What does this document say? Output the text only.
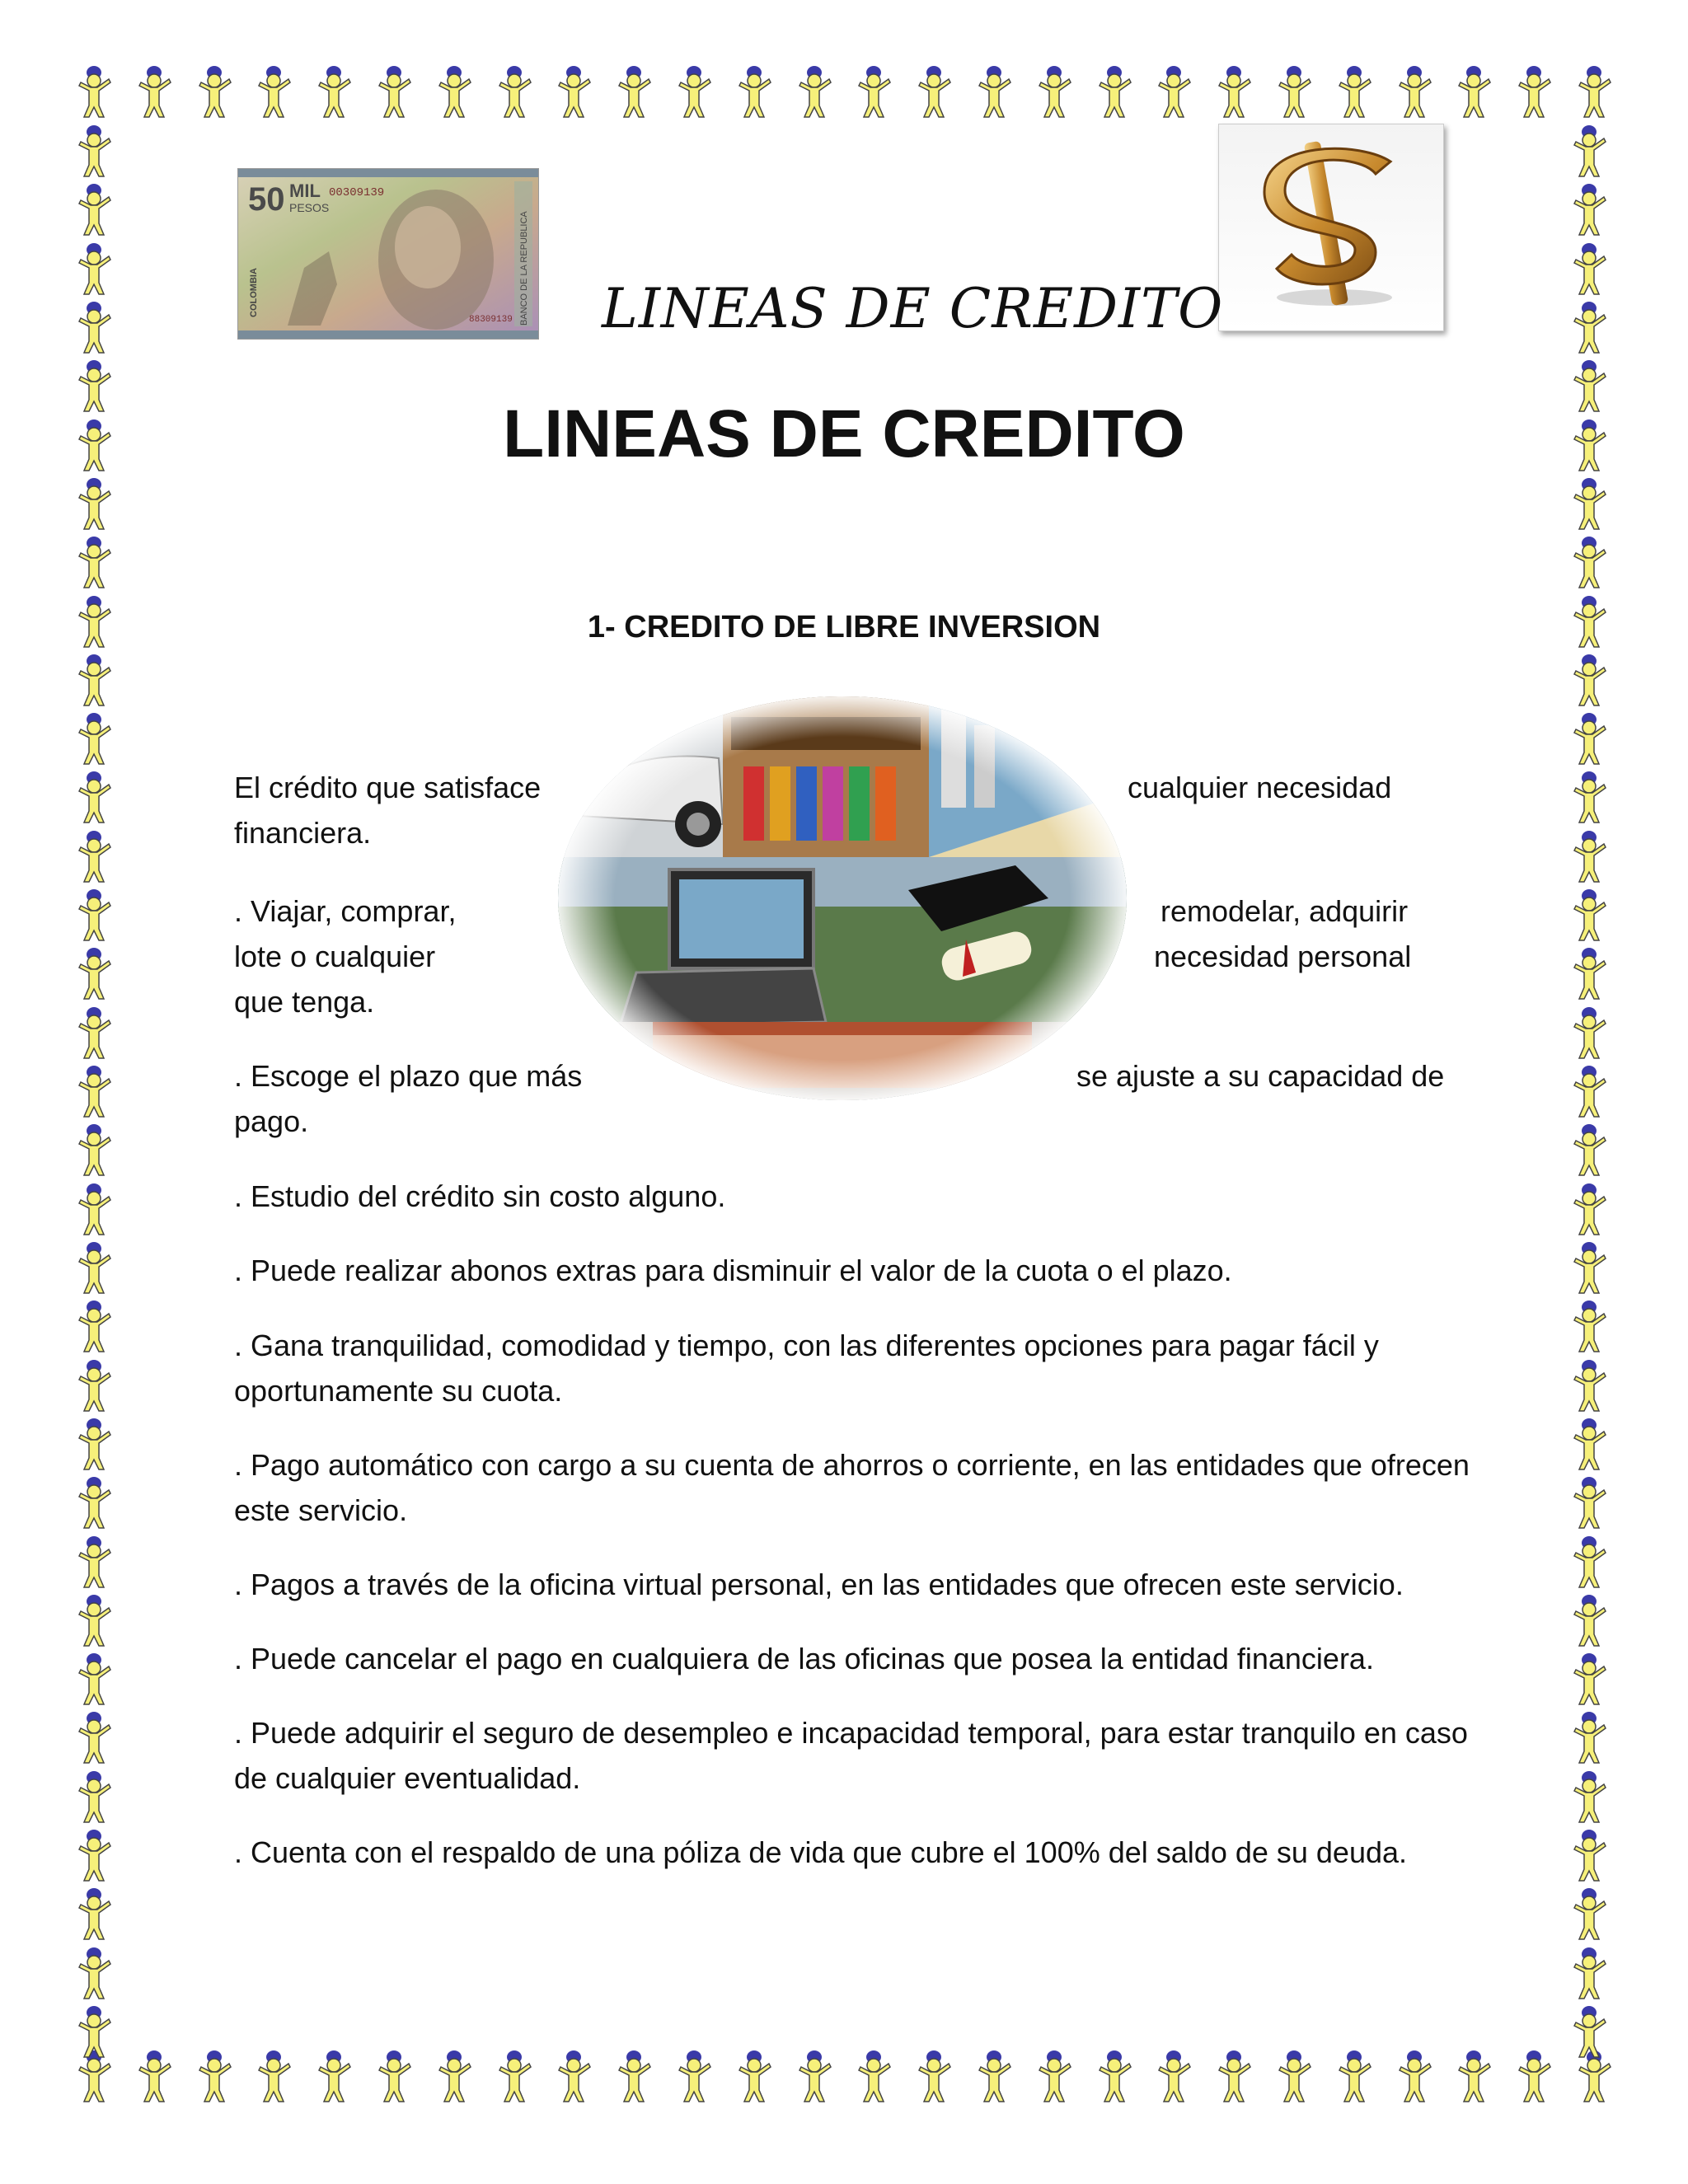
50 MIL
PESOS
00309139
88309139
COLOMBIA	BANCO DE LA REPUBLICA LINEAS DE CREDITO
LINEAS DE CREDITO
1- CREDITO DE LIBRE INVERSION

El crédito que satisface	cualquier necesidad

financiera.

. Viajar, comprar,	remodelar, adquirir

lote o cualquier	necesidad personal

que tenga.

. Escoge el plazo que más	se ajuste a su capacidad de

pago.

. Estudio del crédito sin costo alguno.

. Puede realizar abonos extras para disminuir el valor de la cuota o el plazo.

. Gana tranquilidad, comodidad y tiempo, con las diferentes opciones para pagar fácil y oportunamente su cuota.

. Pago automático con cargo a su cuenta de ahorros o corriente, en las entidades que ofrecen este servicio.

. Pagos a través de la oficina virtual personal, en las entidades que ofrecen este servicio.

. Puede cancelar el pago en cualquiera de las oficinas que posea la entidad financiera.

. Puede adquirir el seguro de desempleo e incapacidad temporal, para estar tranquilo en caso de cualquier eventualidad.

. Cuenta con el respaldo de una póliza de vida que cubre el 100% del saldo de su deuda.
